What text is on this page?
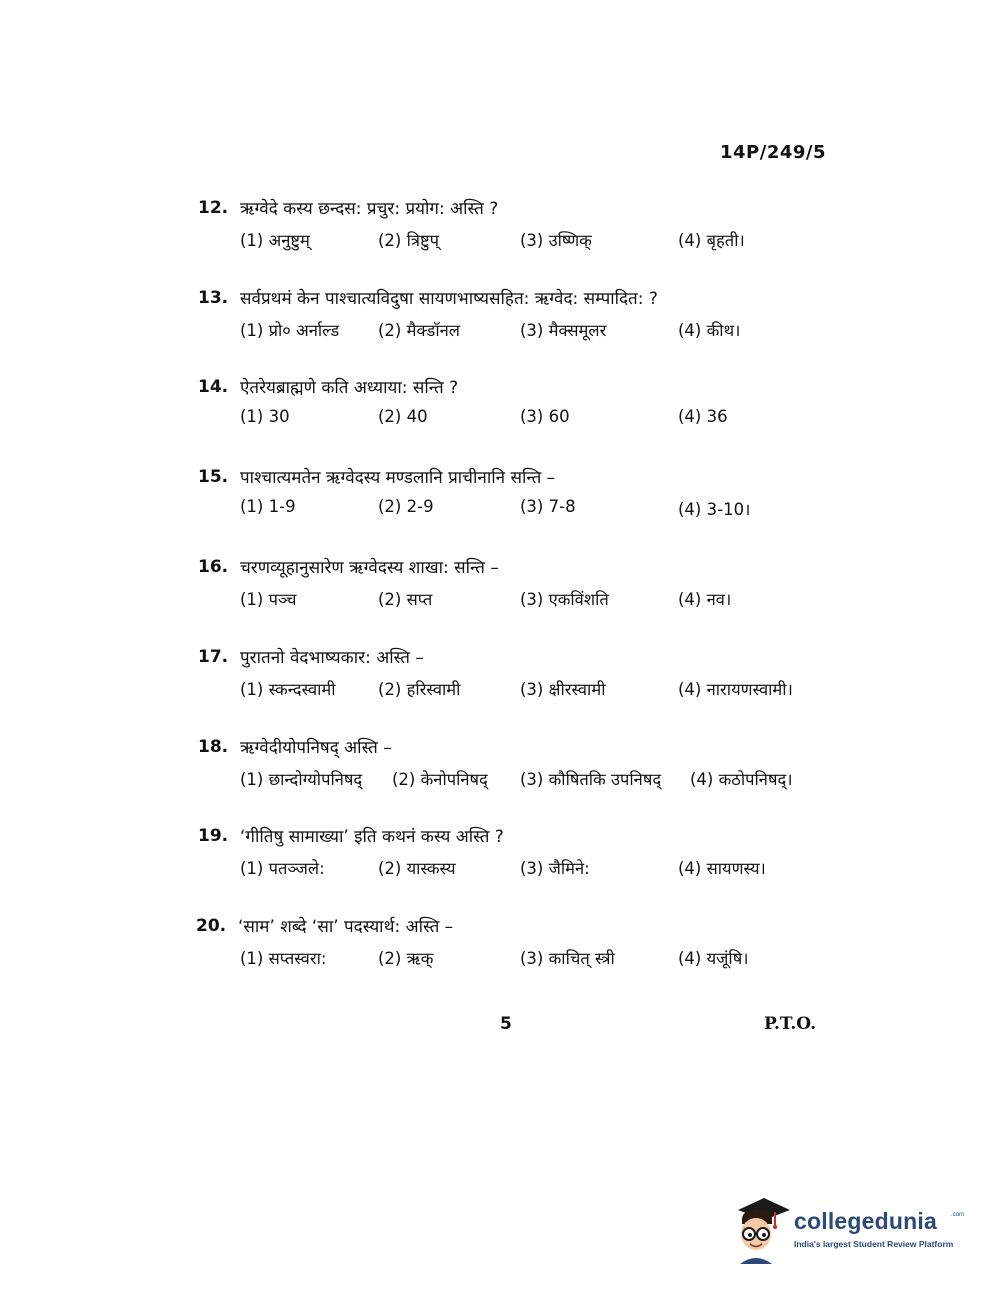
14P/249/5
12. ऋग्वेदे कस्य छन्दस: प्रचुर: प्रयोग: अस्ति ?
(1) अनुष्टुम्	(2) त्रिष्टुप्	(3) उष्णिक्	(4) बृहती।
13. सर्वप्रथमं केन पाश्चात्यविदुषा सायणभाष्यसहित: ऋग्वेद: सम्पादित: ?
(1) प्रो० अर्नाल्ड (2) मैक्डॉनल	(3) मैक्समूलर	(4) कीथ।
14. ऐतरेयब्राह्मणे कति अध्याया: सन्ति ?
(1) 30	(2) 40	(3) 60	(4) 36
15. पाश्चात्यमतेन ऋग्वेदस्य मण्डलानि प्राचीनानि सन्ति –
(1) 1-9	(2) 2-9	(3) 7-8	(4) 3-10।
16. चरणव्यूहानुसारेण ऋग्वेदस्य शाखा: सन्ति –
(1) पञ्च	(2) सप्त	(3) एकविंशति	(4) नव।
17. पुरातनो वेदभाष्यकार: अस्ति –
(1) स्कन्दस्वामी	(2) हरिस्वामी	(3) क्षीरस्वामी	(4) नारायणस्वामी।
18. ऋग्वेदीयोपनिषद् अस्ति –
(1) छान्दोग्योपनिषद् (2) केनोपनिषद् (3) कौषितकि उपनिषद् (4) कठोपनिषद्।
19. ‘गीतिषु सामाख्या’ इति कथनं कस्य अस्ति ?
(1) पतञ्जले:	(2) यास्कस्य	(3) जैमिने:	(4) सायणस्य।
20. ‘साम’ शब्दे ‘सा’ पदस्यार्थ: अस्ति –
(1) सप्तस्वरा:	(2) ऋक्	(3) काचित् स्त्री	(4) यजूंषि।
5	P.T.O.
collegedunia .com
India's largest Student Review Platform
